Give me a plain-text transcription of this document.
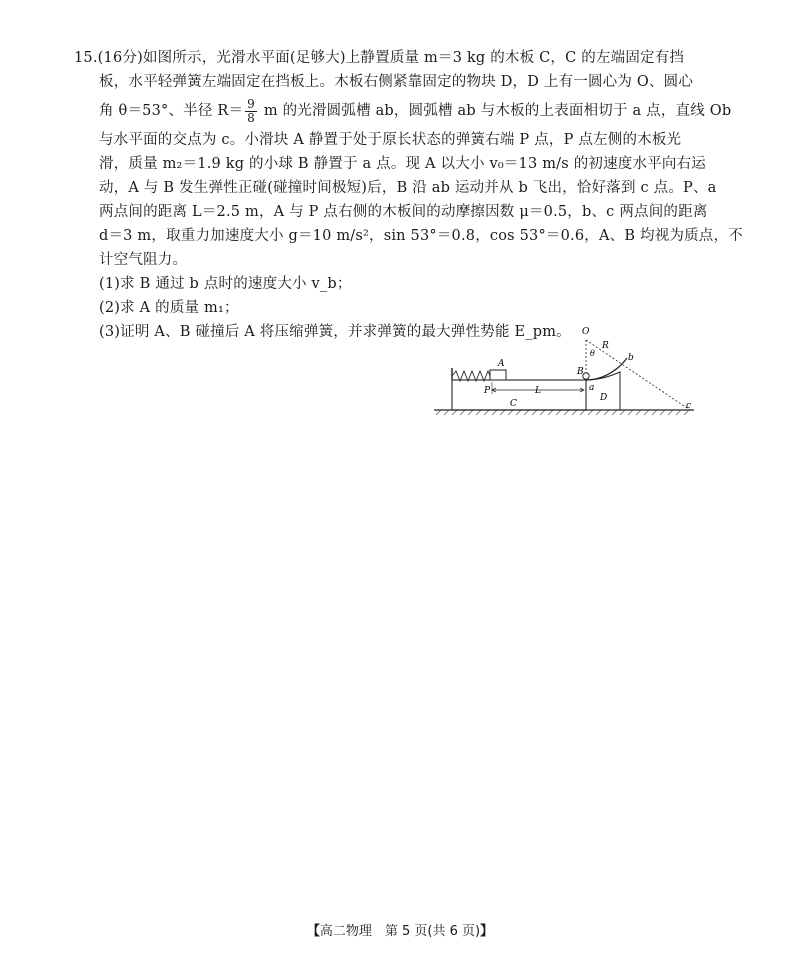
15.(16分)如图所示，光滑水平面(足够大)上静置质量 m＝3 kg 的木板 C，C 的左端固定有挡
板，水平轻弹簧左端固定在挡板上。木板右侧紧靠固定的物块 D，D 上有一圆心为 O、圆心
角 θ＝53°、半径 $R= \frac{9}{8}$ m 的光滑圆弧槽 ab，圆弧槽 ab 与木板的上表面相切于 a 点，直线 Ob
与水平面的交点为 c。小滑块 A 静置于处于原长状态的弹簧右端 P 点，P 点左侧的木板光
滑，质量 m₂＝1.9 kg 的小球 B 静置于 a 点。现 A 以大小 v₀＝13 m/s 的初速度水平向右运
动，A 与 B 发生弹性正碰(碰撞时间极短)后，B 沿 ab 运动并从 b 飞出，恰好落到 c 点。P、a
两点间的距离 L＝2.5 m，A 与 P 点右侧的木板间的动摩擦因数 μ＝0.5，b、c 两点间的距离
d＝3 m，取重力加速度大小 g＝10 m/s²，sin 53°＝0.8，cos 53°＝0.6，A、B 均视为质点，不
计空气阻力。
(1)求 B 通过 b 点时的速度大小 v_b；
(2)求 A 的质量 m₁；
(3)证明 A、B 碰撞后 A 将压缩弹簧，并求弹簧的最大弹性势能 E_pm。	O
R
θ	b
A
B
P	L	a
C
D
c
【高二物理　第 5 页(共 6 页)】
